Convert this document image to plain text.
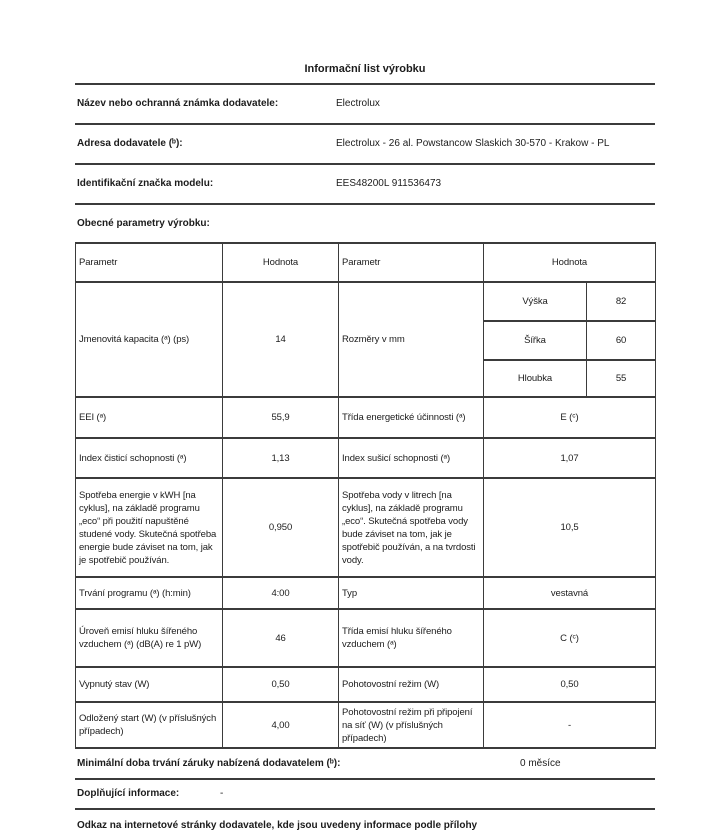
Informační list výrobku
Název nebo ochranná známka dodavatele:	Electrolux
Adresa dodavatele (ᵇ):	Electrolux - 26 al. Powstancow Slaskich 30-570 - Krakow - PL
Identifikační značka modelu:	EES48200L 911536473
Obecné parametry výrobku:
Parametr	Hodnota	Parametr	Hodnota	
Jmenovitá kapacita (ᵃ) (ps)	14	Rozměry v mm	Výška	82
			Šířka	60
			Hloubka	55
EEI (ᵃ)	55,9	Třída energetické účinnosti (ᵃ)	E (ᶜ)	
Index čisticí schopnosti (ᵃ)	1,13	Index sušicí schopnosti (ᵃ)	1,07	
Spotřeba energie v kWH [na cyklus], na základě programu „eco“ při použití napuštěné studené vody. Skutečná spotřeba energie bude záviset na tom, jak je spotřebič používán.	0,950	Spotřeba vody v litrech [na cyklus], na základě programu „eco“. Skutečná spotřeba vody bude záviset na tom, jak je spotřebič používán, a na tvrdosti vody.	10,5	
Trvání programu (ᵃ) (h:min)	4:00	Typ	vestavná	
Úroveň emisí hluku šířeného vzduchem (ᵃ) (dB(A) re 1 pW)	46	Třída emisí hluku šířeného vzduchem (ᵃ)	C (ᶜ)	
Vypnutý stav (W)	0,50	Pohotovostní režim (W)	0,50	
Odložený start (W) (v příslušných případech)	4,00	Pohotovostní režim při připojení na síť (W) (v příslušných případech)	-	
Minimální doba trvání záruky nabízená dodavatelem (ᵇ):	0 měsíce
Doplňující informace:	-
Odkaz na internetové stránky dodavatele, kde jsou uvedeny informace podle přílohy
